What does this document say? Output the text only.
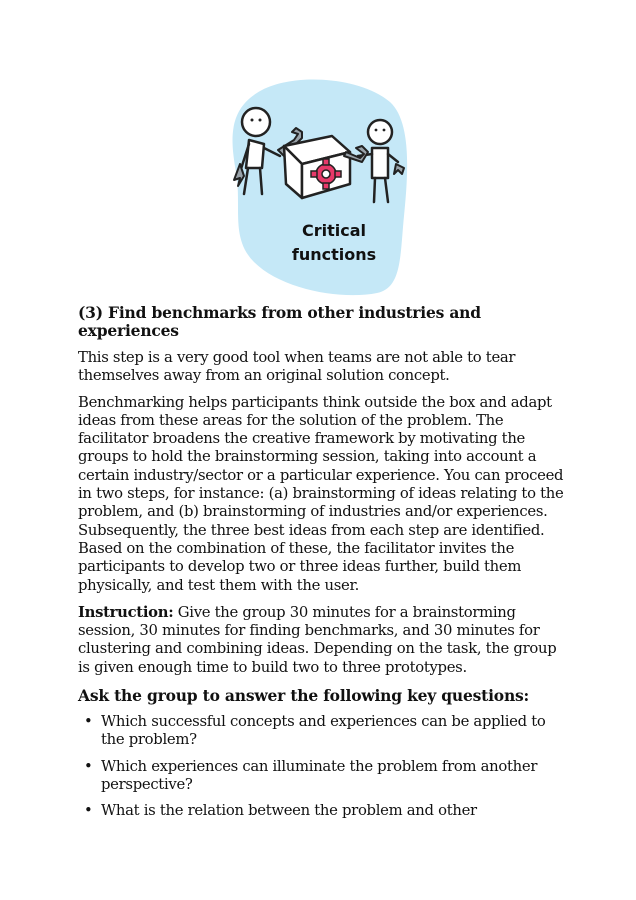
Critical
functions
(3) Find benchmarks from other industries and experiences

This step is a very good tool when teams are not able to tear themselves away from an original solution concept.

Benchmarking helps participants think outside the box and adapt ideas from these areas for the solution of the problem. The facilitator broadens the creative framework by motivating the groups to hold the brainstorming session, taking into account a certain industry/sector or a particular experience. You can proceed in two steps, for instance: (a) brainstorming of ideas relating to the problem, and (b) brainstorming of industries and/or experiences. Subsequently, the three best ideas from each step are identified. Based on the combination of these, the facilitator invites the participants to develop two or three ideas further, build them physically, and test them with the user.

Instruction: Give the group 30 minutes for a brainstorming session, 30 minutes for finding benchmarks, and 30 minutes for clustering and combining ideas. Depending on the task, the group is given enough time to build two to three prototypes.

Ask the group to answer the following key questions:
• Which successful concepts and experiences can be applied to the problem?
• Which experiences can illuminate the problem from another perspective?
• What is the relation between the problem and other
